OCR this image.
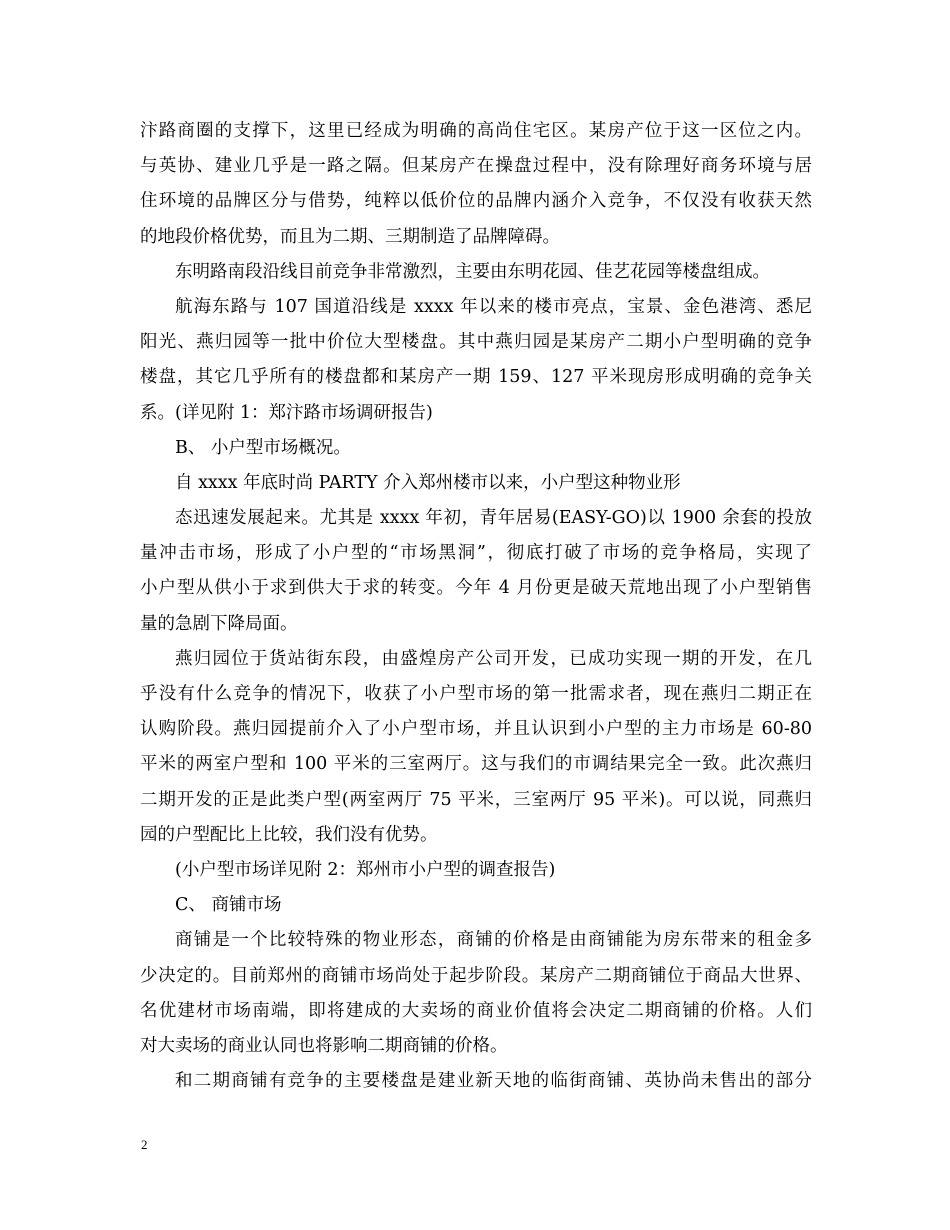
汴路商圈的支撑下，这里已经成为明确的高尚住宅区。某房产位于这一区位之内。
与英协、建业几乎是一路之隔。但某房产在操盘过程中，没有除理好商务环境与居
住环境的品牌区分与借势，纯粹以低价位的品牌内涵介入竞争，不仅没有收获天然
的地段价格优势，而且为二期、三期制造了品牌障碍。
东明路南段沿线目前竞争非常激烈，主要由东明花园、佳艺花园等楼盘组成。
航海东路与 107 国道沿线是 xxxx 年以来的楼市亮点，宝景、金色港湾、悉尼
阳光、燕归园等一批中价位大型楼盘。其中燕归园是某房产二期小户型明确的竞争
楼盘，其它几乎所有的楼盘都和某房产一期 159、127 平米现房形成明确的竞争关
系。(详见附 1：郑汴路市场调研报告)
B、 小户型市场概况。
自 xxxx 年底时尚 PARTY 介入郑州楼市以来，小户型这种物业形
态迅速发展起来。尤其是 xxxx 年初，青年居易(EASY-GO)以 1900 余套的投放
量冲击市场，形成了小户型的“市场黑洞”，彻底打破了市场的竞争格局，实现了
小户型从供小于求到供大于求的转变。今年 4 月份更是破天荒地出现了小户型销售
量的急剧下降局面。
燕归园位于货站街东段，由盛煌房产公司开发，已成功实现一期的开发，在几
乎没有什么竞争的情况下，收获了小户型市场的第一批需求者，现在燕归二期正在
认购阶段。燕归园提前介入了小户型市场，并且认识到小户型的主力市场是 60-80
平米的两室户型和 100 平米的三室两厅。这与我们的市调结果完全一致。此次燕归
二期开发的正是此类户型(两室两厅 75 平米，三室两厅 95 平米)。可以说，同燕归
园的户型配比上比较，我们没有优势。
(小户型市场详见附 2：郑州市小户型的调查报告)
C、 商铺市场
商铺是一个比较特殊的物业形态，商铺的价格是由商铺能为房东带来的租金多
少决定的。目前郑州的商铺市场尚处于起步阶段。某房产二期商铺位于商品大世界、
名优建材市场南端，即将建成的大卖场的商业价值将会决定二期商铺的价格。人们
对大卖场的商业认同也将影响二期商铺的价格。
和二期商铺有竞争的主要楼盘是建业新天地的临街商铺、英协尚未售出的部分
2
